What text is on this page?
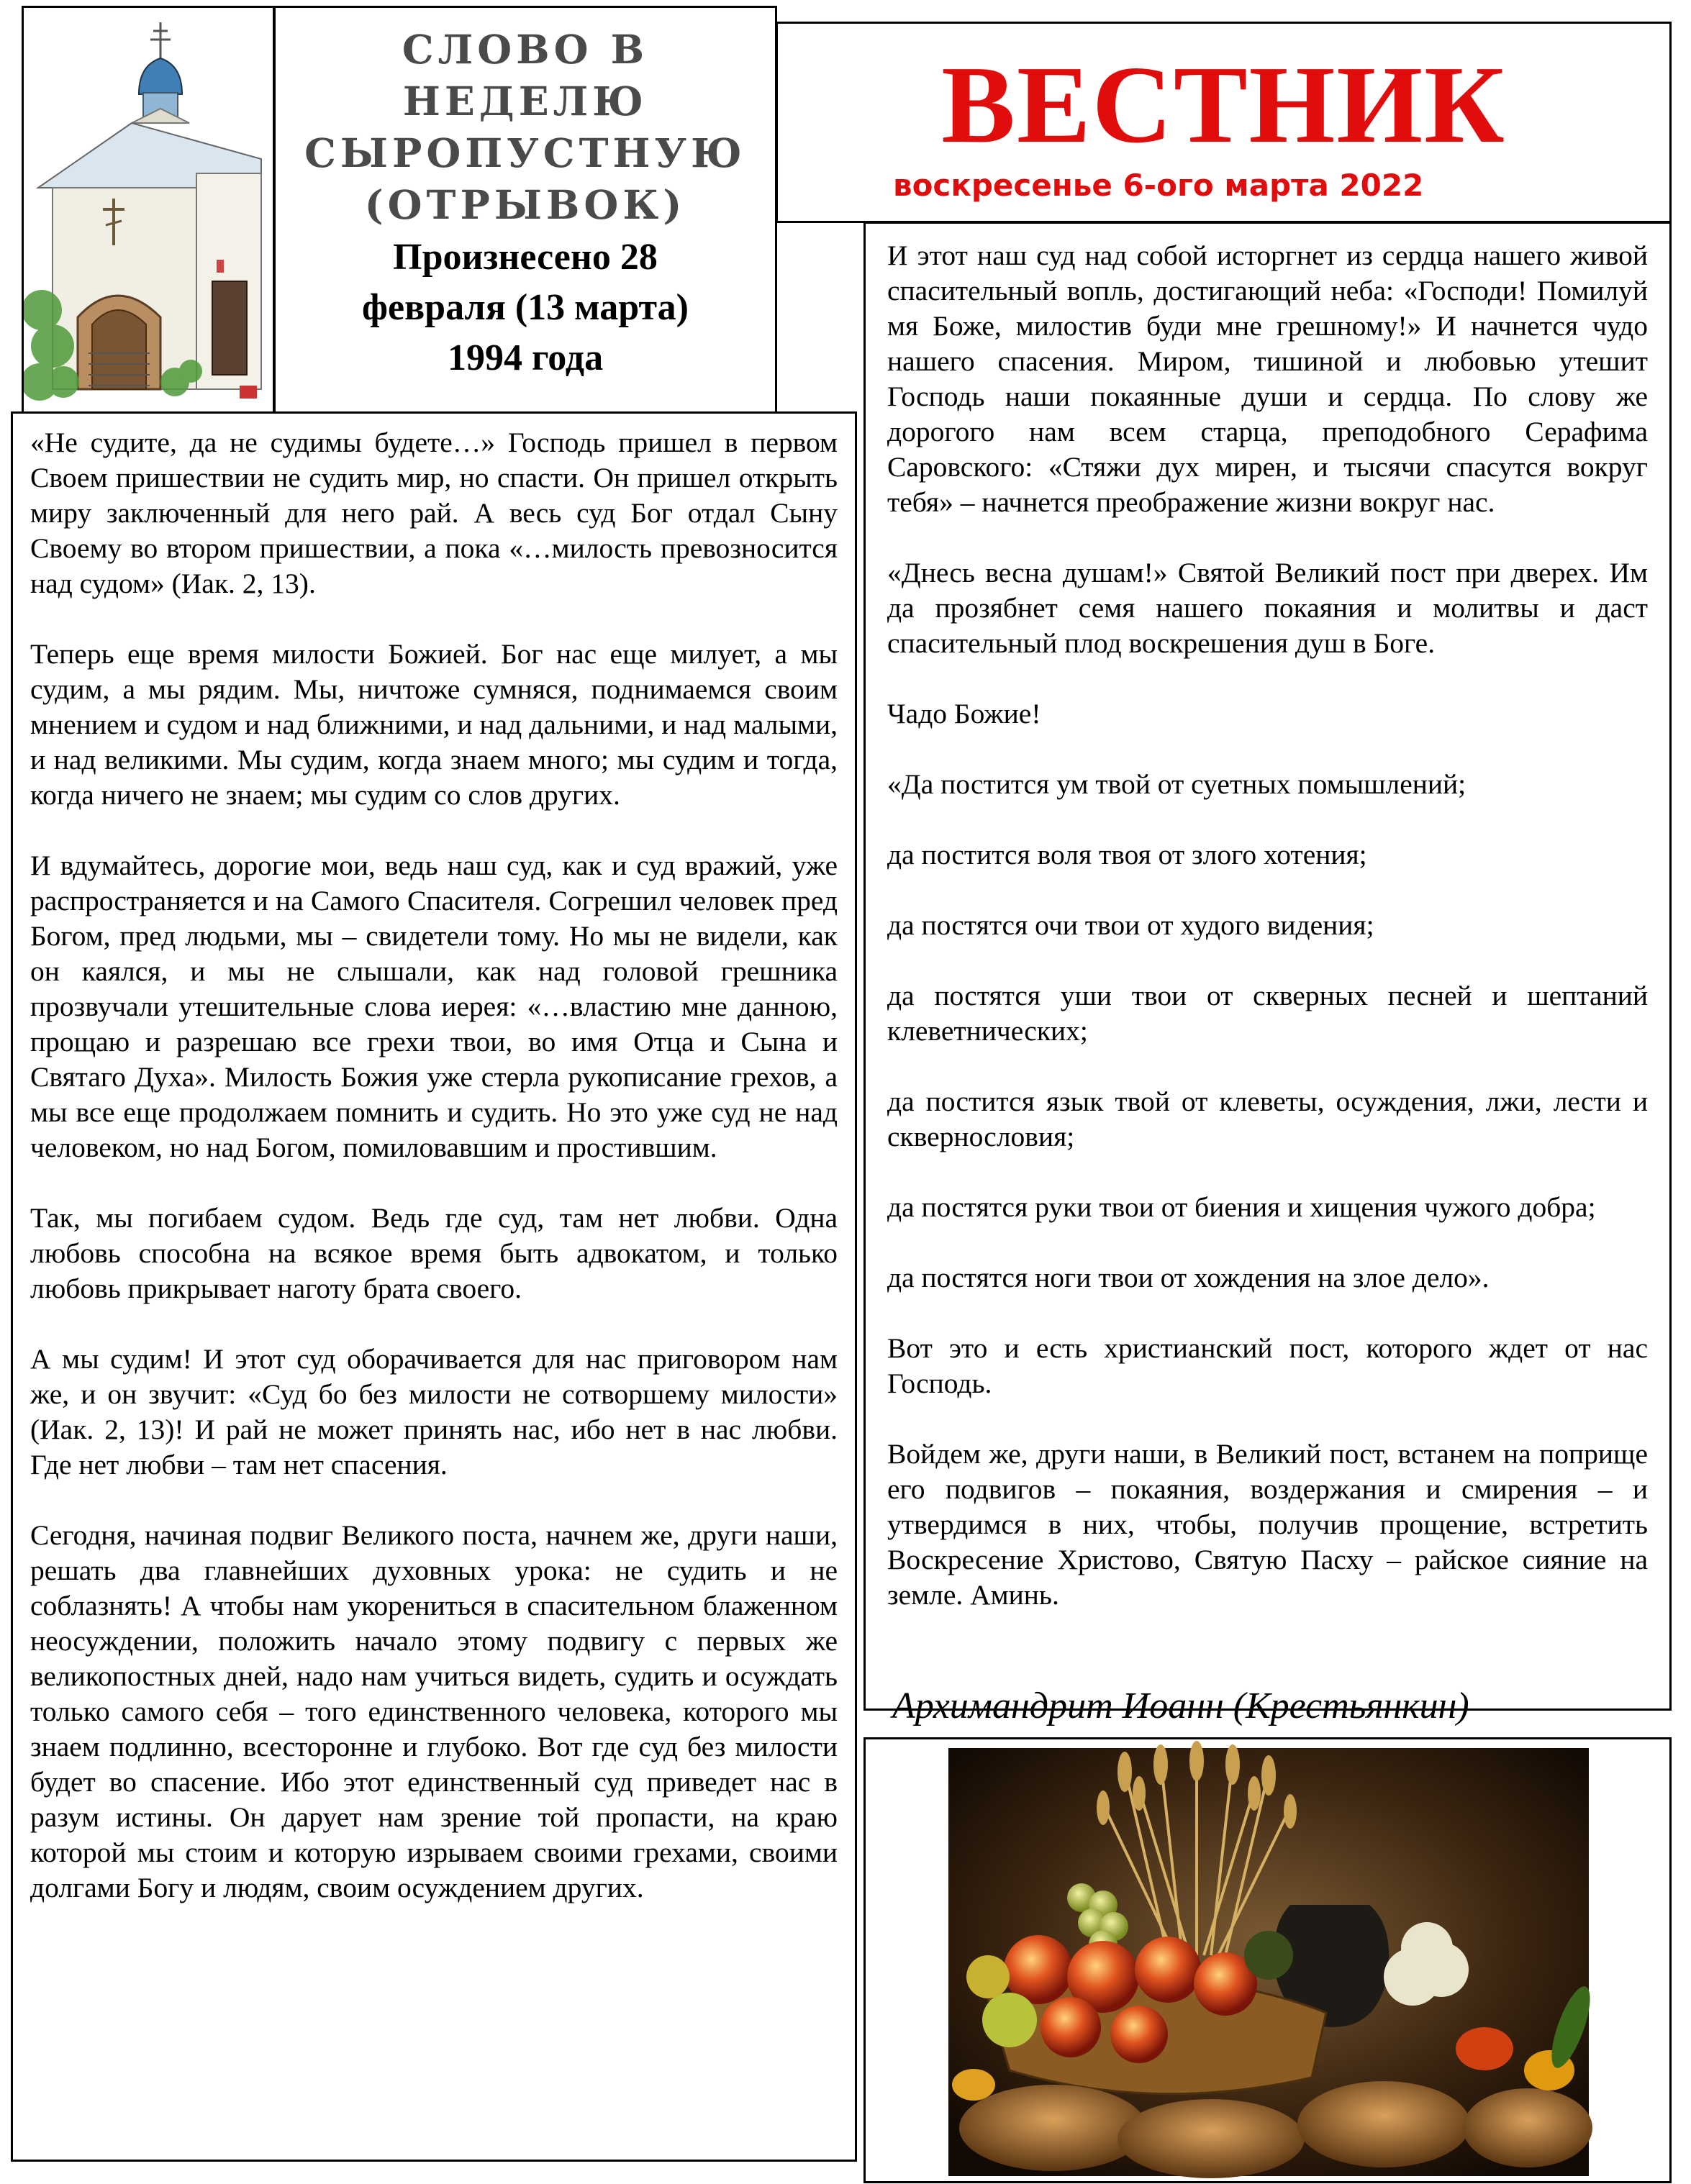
СЛОВО В
НЕДЕЛЮ
СЫРОПУСТНУЮ
(ОТРЫВОК)
Произнесено 28
февраля (13 марта)
1994 года
ВЕСТНИК
воскресенье 6-ого марта 2022

«Не судите, да не судимы будете…» Господь пришел в первом Своем пришествии не судить мир, но спасти. Он пришел открыть миру заключенный для него рай. А весь суд Бог отдал Сыну Своему во втором пришествии, а пока «…милость превозносится над судом» (Иак. 2, 13).

Теперь еще время милости Божией. Бог нас еще милует, а мы судим, а мы рядим. Мы, ничтоже сумняся, поднимаемся своим мнением и судом и над ближними, и над дальними, и над малыми, и над великими. Мы судим, когда знаем много; мы судим и тогда, когда ничего не знаем; мы судим со слов других.

И вдумайтесь, дорогие мои, ведь наш суд, как и суд вражий, уже распространяется и на Самого Спасителя. Согрешил человек пред Богом, пред людьми, мы – свидетели тому. Но мы не видели, как он каялся, и мы не слышали, как над головой грешника прозвучали утешительные слова иерея: «…властию мне данною, прощаю и разрешаю все грехи твои, во имя Отца и Сына и Святаго Духа». Милость Божия уже стерла рукописание грехов, а мы все еще продолжаем помнить и судить. Но это уже суд не над человеком, но над Богом, помиловавшим и простившим.

Так, мы погибаем судом. Ведь где суд, там нет любви. Одна любовь способна на всякое время быть адвокатом, и только любовь прикрывает наготу брата своего.

А мы судим! И этот суд оборачивается для нас приговором нам же, и он звучит: «Суд бо без милости не сотворшему милости» (Иак. 2, 13)! И рай не может принять нас, ибо нет в нас любви. Где нет любви – там нет спасения.

Сегодня, начиная подвиг Великого поста, начнем же, други наши, решать два главнейших духовных урока: не судить и не соблазнять! А чтобы нам укорениться в спасительном блаженном неосуждении, положить начало этому подвигу с первых же великопостных дней, надо нам учиться видеть, судить и осуждать только самого себя – того единственного человека, которого мы знаем подлинно, всесторонне и глубоко. Вот где суд без милости будет во спасение. Ибо этот единственный суд приведет нас в разум истины. Он дарует нам зрение той пропасти, на краю которой мы стоим и которую изрываем своими грехами, своими долгами Богу и людям, своим осуждением других.

И этот наш суд над собой исторгнет из сердца нашего живой спасительный вопль, достигающий неба: «Господи! Помилуй мя Боже, милостив буди мне грешному!» И начнется чудо нашего спасения. Миром, тишиной и любовью утешит Господь наши покаянные души и сердца. По слову же дорогого нам всем старца, преподобного Серафима Саровского: «Стяжи дух мирен, и тысячи спасутся вокруг тебя» – начнется преображение жизни вокруг нас.

«Днесь весна душам!» Святой Великий пост при дверех. Им да прозябнет семя нашего покаяния и молитвы и даст спасительный плод воскрешения душ в Боге.

Чадо Божие!

«Да постится ум твой от суетных помышлений;

да постится воля твоя от злого хотения;

да постятся очи твои от худого видения;

да постятся уши твои от скверных песней и шептаний клеветнических;

да постится язык твой от клеветы, осуждения, лжи, лести и сквернословия;

да постятся руки твои от биения и хищения чужого добра;

да постятся ноги твои от хождения на злое дело».

Вот это и есть христианский пост, которого ждет от нас Господь.

Войдем же, други наши, в Великий пост, встанем на поприще его подвигов – покаяния, воздержания и смирения – и утвердимся в них, чтобы, получив прощение, встретить Воскресение Христово, Святую Пасху – райское сияние на земле. Аминь.

Архимандрит Иоанн (Крестьянкин)
